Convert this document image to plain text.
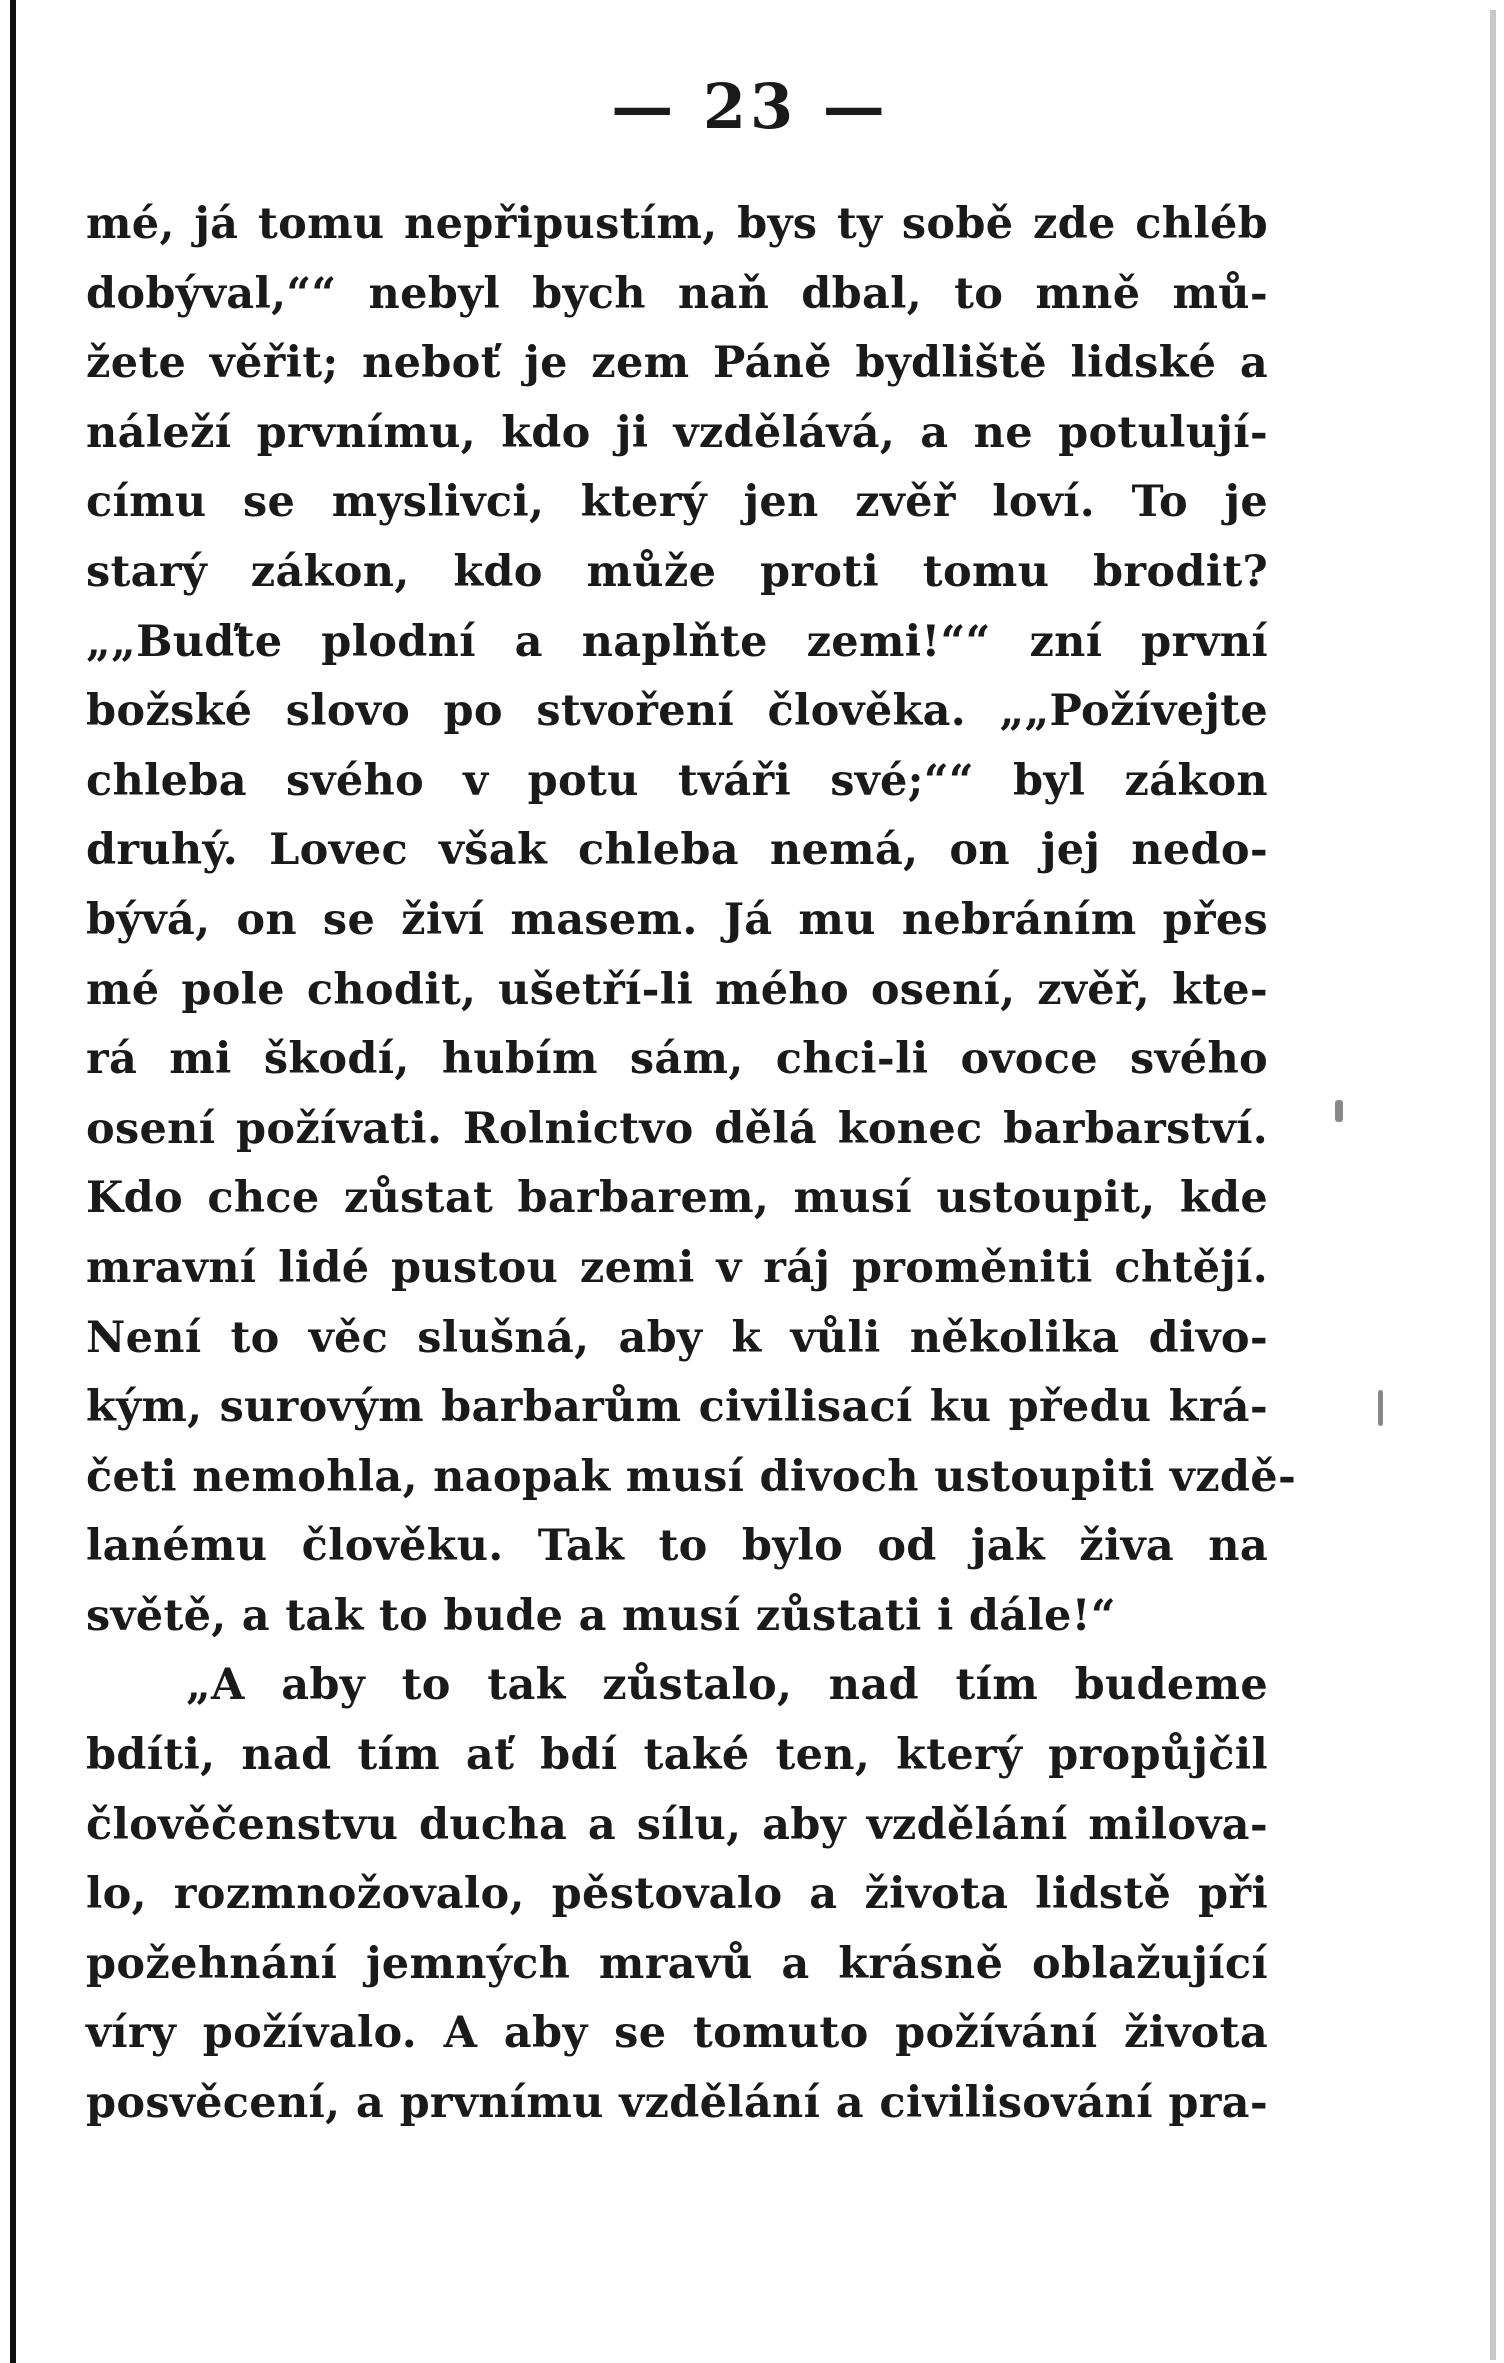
— 23 —
mé, já tomu nepřipustím, bys ty sobě zde chléb
dobýval,““ nebyl bych naň dbal, to mně mů-
žete věřit; neboť je zem Páně bydliště lidské a
náleží prvnímu, kdo ji vzdělává, a ne potulují-
címu se myslivci, který jen zvěř loví. To je
starý zákon, kdo může proti tomu brodit?
„„Buďte plodní a naplňte zemi!““ zní první
božské slovo po stvoření člověka. „„Požívejte
chleba svého v potu tváři své;““ byl zákon
druhý. Lovec však chleba nemá, on jej nedo-
bývá, on se živí masem. Já mu nebráním přes
mé pole chodit, ušetří-li mého osení, zvěř, kte-
rá mi škodí, hubím sám, chci-li ovoce svého
osení požívati. Rolnictvo dělá konec barbarství.
Kdo chce zůstat barbarem, musí ustoupit, kde
mravní lidé pustou zemi v ráj proměniti chtějí.
Není to věc slušná, aby k vůli několika divo-
kým, surovým barbarům civilisací ku předu krá-
četi nemohla, naopak musí divoch ustoupiti vzdě-
lanému člověku. Tak to bylo od jak živa na
světě, a tak to bude a musí zůstati i dále!“
„A aby to tak zůstalo, nad tím budeme
bdíti, nad tím ať bdí také ten, který propůjčil
člověčenstvu ducha a sílu, aby vzdělání milova-
lo, rozmnožovalo, pěstovalo a života lidstě při
požehnání jemných mravů a krásně oblažující
víry požívalo. A aby se tomuto požívání života
posvěcení, a prvnímu vzdělání a civilisování pra-
